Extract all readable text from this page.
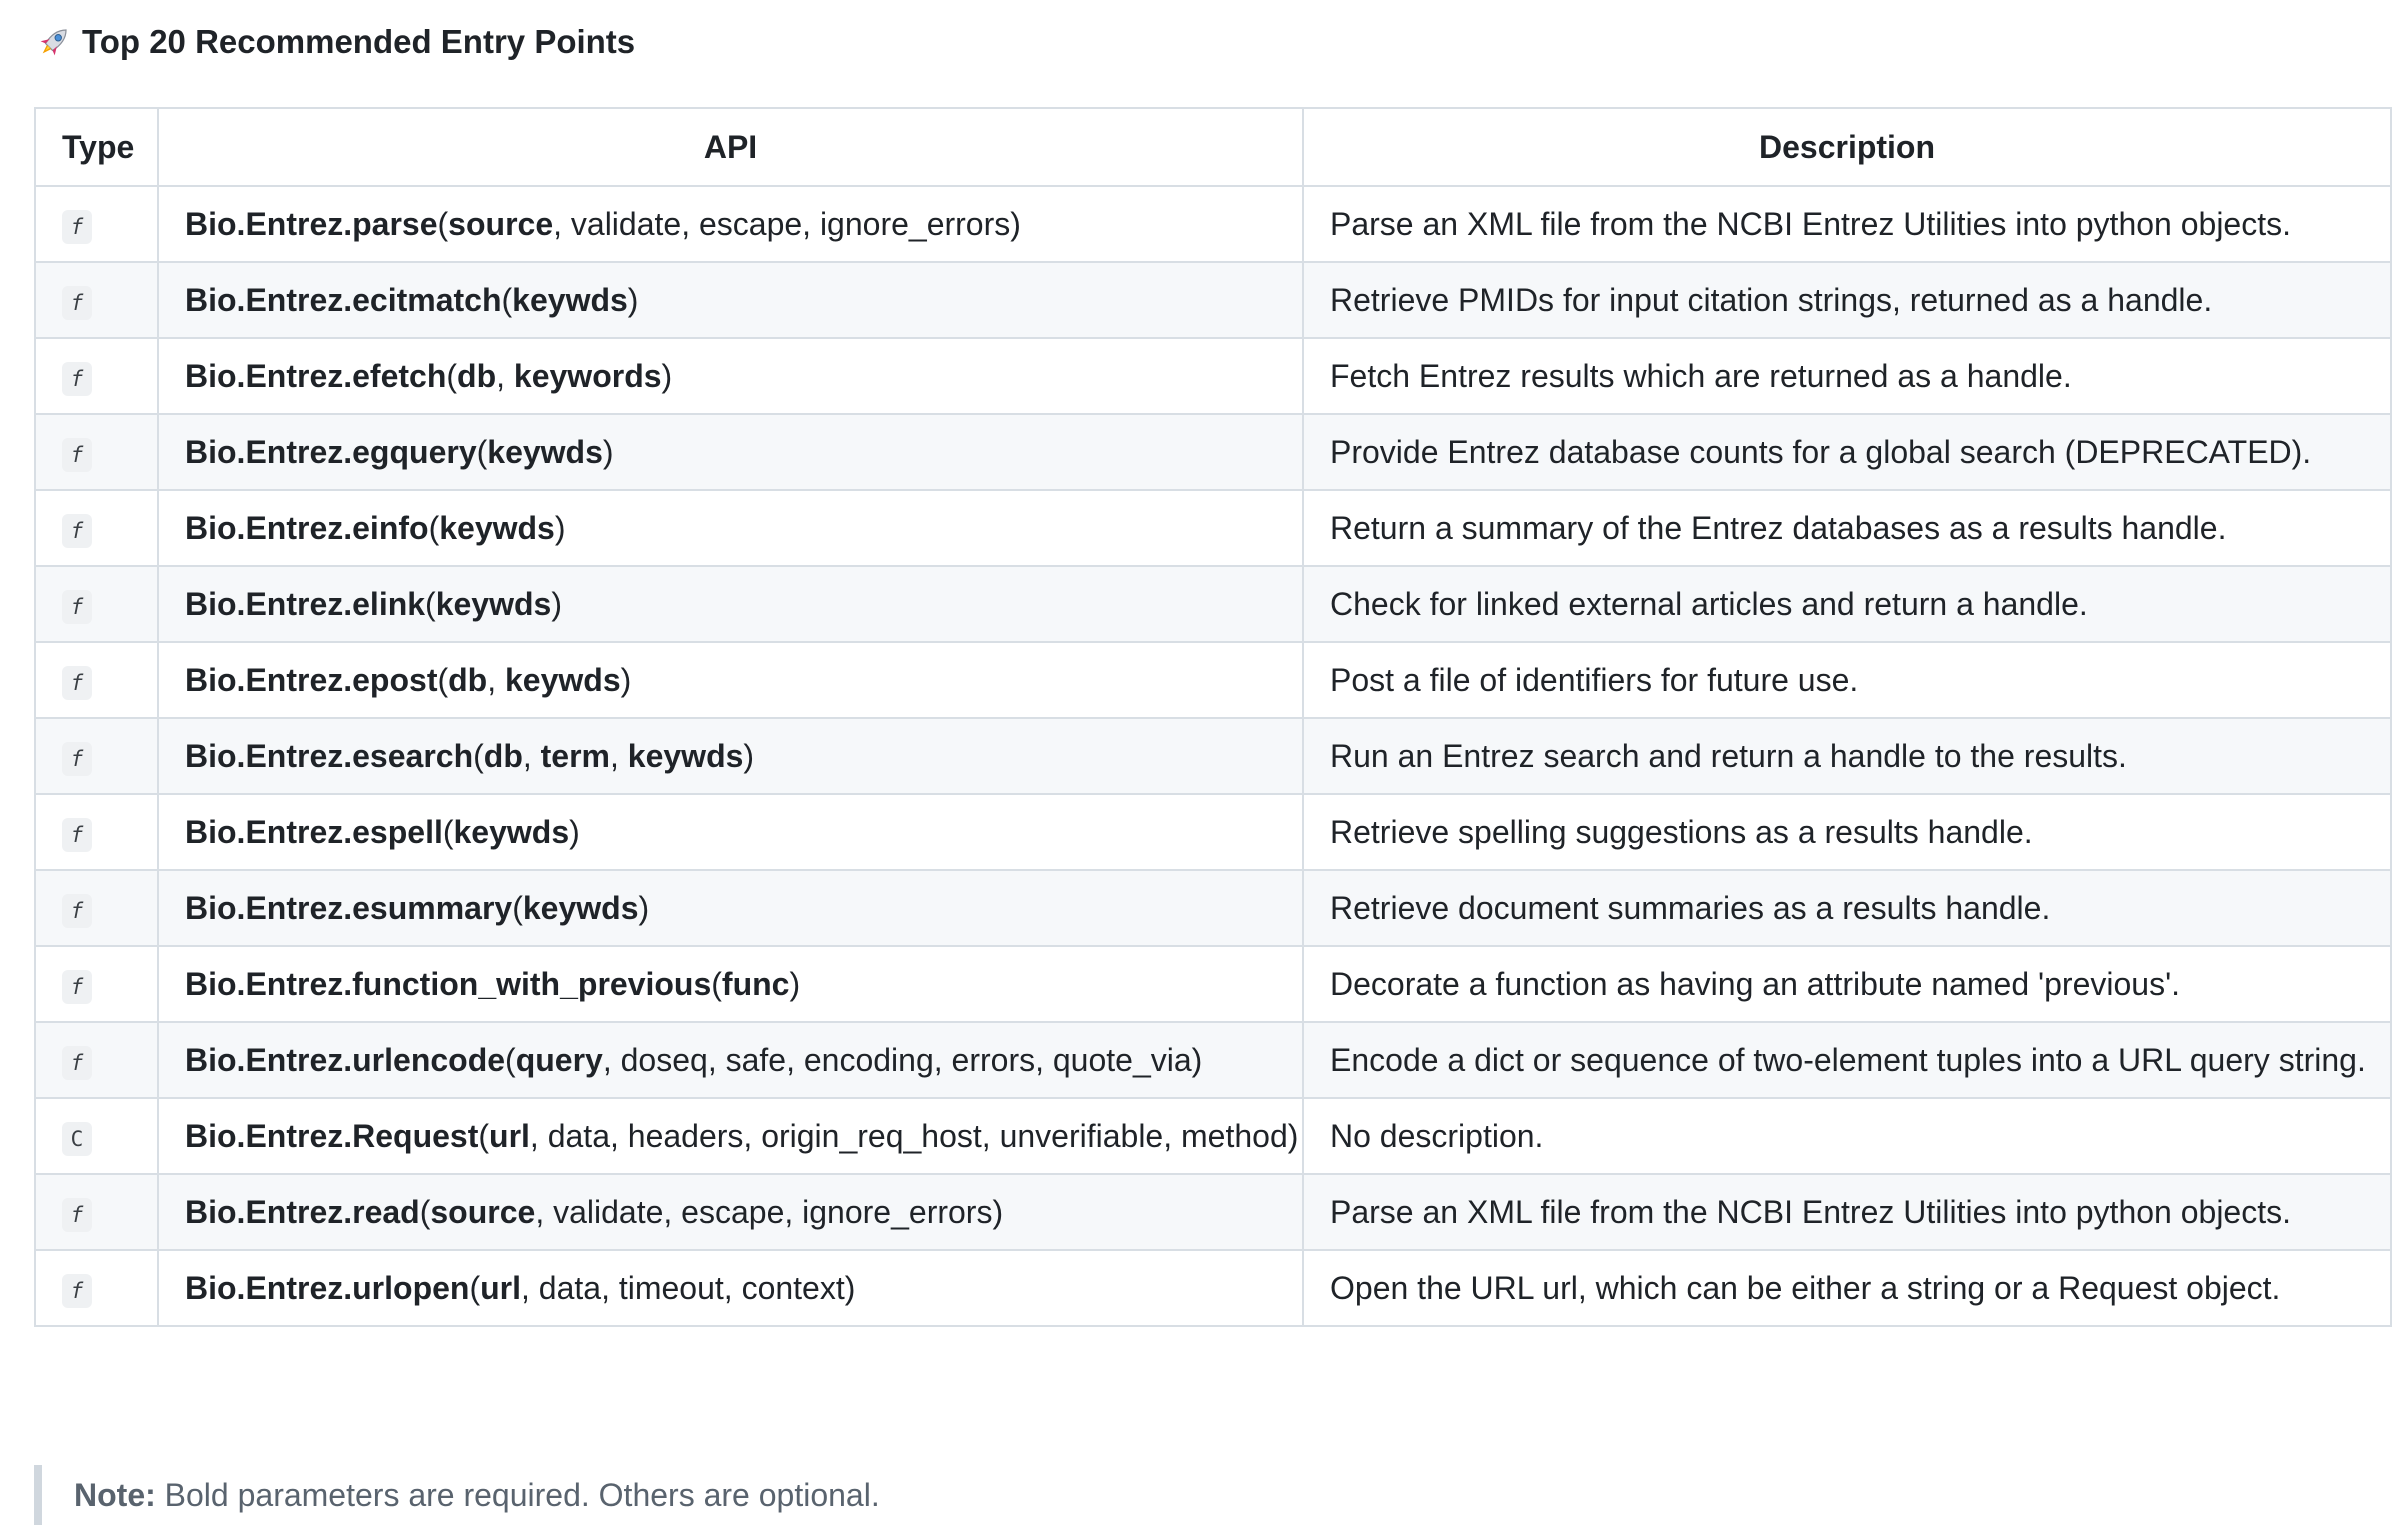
Top 20 Recommended Entry Points
Type	API	Description
f	Bio.Entrez.parse(source, validate, escape, ignore_errors)	Parse an XML file from the NCBI Entrez Utilities into python objects.
f	Bio.Entrez.ecitmatch(keywds)	Retrieve PMIDs for input citation strings, returned as a handle.
f	Bio.Entrez.efetch(db, keywords)	Fetch Entrez results which are returned as a handle.
f	Bio.Entrez.egquery(keywds)	Provide Entrez database counts for a global search (DEPRECATED).
f	Bio.Entrez.einfo(keywds)	Return a summary of the Entrez databases as a results handle.
f	Bio.Entrez.elink(keywds)	Check for linked external articles and return a handle.
f	Bio.Entrez.epost(db, keywds)	Post a file of identifiers for future use.
f	Bio.Entrez.esearch(db, term, keywds)	Run an Entrez search and return a handle to the results.
f	Bio.Entrez.espell(keywds)	Retrieve spelling suggestions as a results handle.
f	Bio.Entrez.esummary(keywds)	Retrieve document summaries as a results handle.
f	Bio.Entrez.function_with_previous(func)	Decorate a function as having an attribute named 'previous'.
f	Bio.Entrez.urlencode(query, doseq, safe, encoding, errors, quote_via)	Encode a dict or sequence of two-element tuples into a URL query string.
C	Bio.Entrez.Request(url, data, headers, origin_req_host, unverifiable, method)	No description.
f	Bio.Entrez.read(source, validate, escape, ignore_errors)	Parse an XML file from the NCBI Entrez Utilities into python objects.
f	Bio.Entrez.urlopen(url, data, timeout, context)	Open the URL url, which can be either a string or a Request object.
Note: Bold parameters are required. Others are optional.
